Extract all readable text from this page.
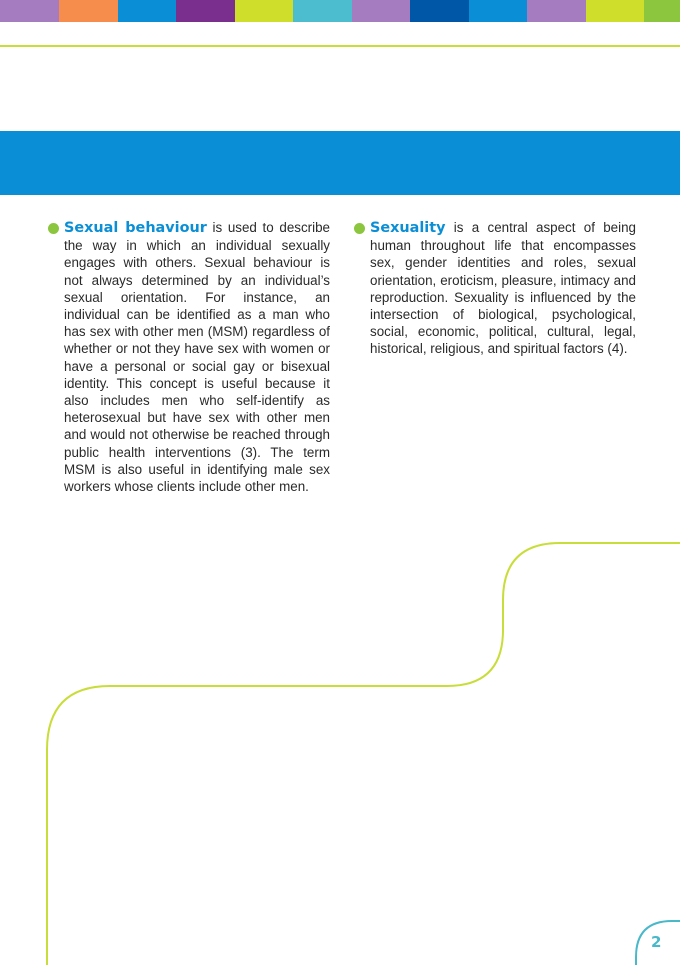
Sexual behaviour is used to describe the way in which an individual sexually engages with others. Sexual behaviour is not always determined by an individual’s sexual orientation. For instance, an individual can be identified as a man who has sex with other men (MSM) regardless of whether or not they have sex with women or have a personal or social gay or bisexual identity. This concept is useful because it also includes men who self-identify as heterosexual but have sex with other men and would not otherwise be reached through public health interventions (3). The term MSM is also useful in identifying male sex workers whose clients include other men.

Sexuality is a central aspect of being human throughout life that encompasses sex, gender identities and roles, sexual orientation, eroticism, pleasure, intimacy and reproduction. Sexuality is influenced by the intersection of biological, psychological, social, economic, political, cultural, legal, historical, religious, and spiritual factors (4).

2
